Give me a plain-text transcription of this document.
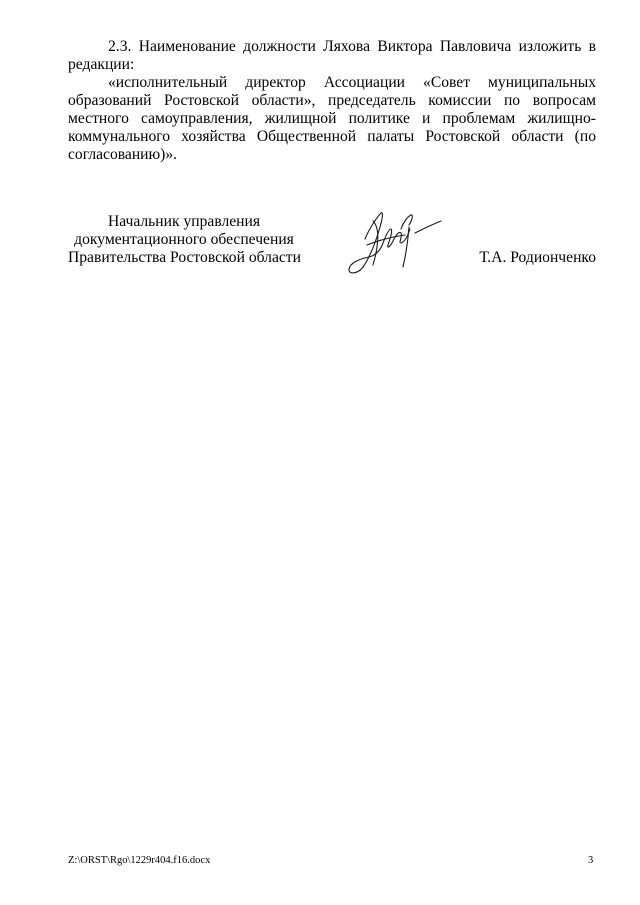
2.3. Наименование должности Ляхова Виктора Павловича изложить в редакции:

«исполнительный директор Ассоциации «Совет муниципальных образований Ростовской области», председатель комиссии по вопросам местного самоуправления, жилищной политике и проблемам жилищно-коммунального хозяйства Общественной палаты Ростовской области (по согласованию)».

Начальник управления
документационного обеспечения
Правительства Ростовской области	Т.А. Родионченко
Z:\ORST\Rgo\1229r404.f16.docx	3
